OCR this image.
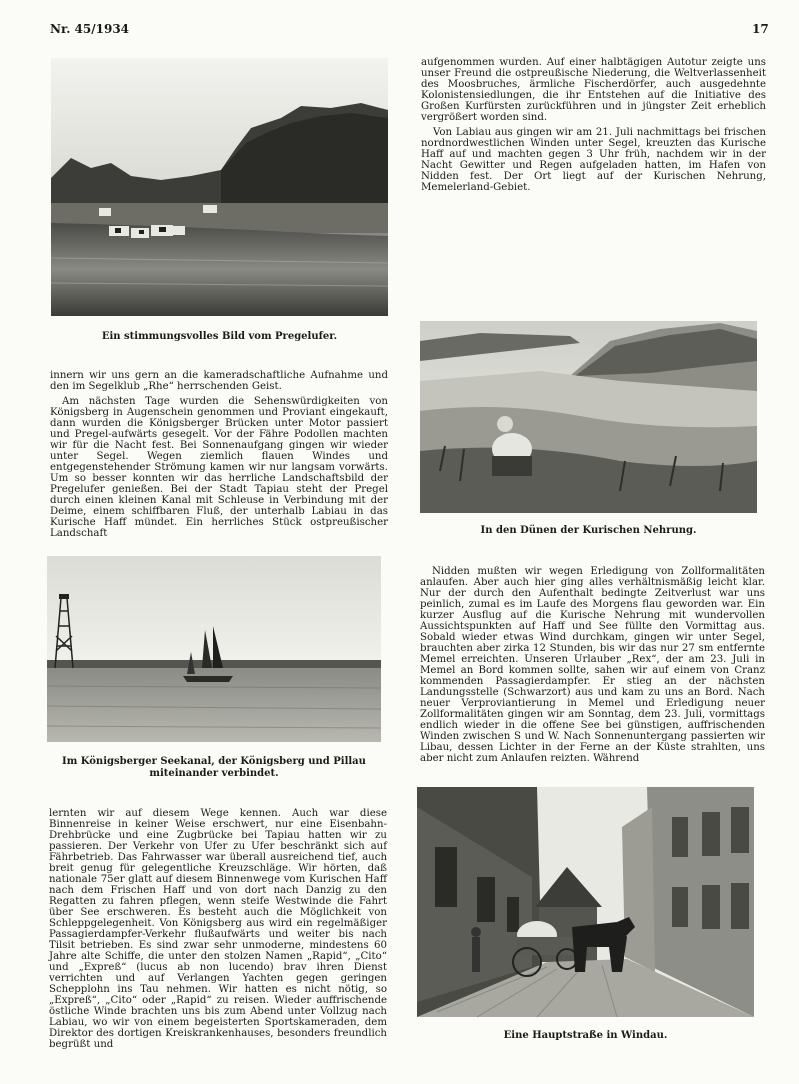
Nr. 45/1934	17
Ein stimmungsvolles Bild vom Pregelufer.

aufgenommen wurden. Auf einer halbtägigen Autotur zeigte uns unser Freund die ostpreußische Niederung, die Weltverlassenheit des Moosbruches, ärmliche Fischerdörfer, auch ausgedehnte Kolonistensiedlungen, die ihr Entstehen auf die Initiative des Großen Kurfürsten zurückführen und in jüngster Zeit erheblich vergrößert worden sind.

Von Labiau aus gingen wir am 21. Juli nachmittags bei frischen nordnordwestlichen Winden unter Segel, kreuzten das Kurische Haff auf und machten gegen 3 Uhr früh, nachdem wir in der Nacht Gewitter und Regen aufgeladen hatten, im Hafen von Nidden fest. Der Ort liegt auf der Kurischen Nehrung, Memelerland-Gebiet.

In den Dünen der Kurischen Nehrung.

innern wir uns gern an die kameradschaftliche Aufnahme und den im Segelklub „Rhe“ herrschenden Geist.

Am nächsten Tage wurden die Sehenswürdigkeiten von Königsberg in Augenschein genommen und Proviant eingekauft, dann wurden die Königsberger Brücken unter Motor passiert und Pregel-aufwärts gesegelt. Vor der Fähre Podollen machten wir für die Nacht fest. Bei Sonnenaufgang gingen wir wieder unter Segel. Wegen ziemlich flauen Windes und entgegenstehender Strömung kamen wir nur langsam vorwärts. Um so besser konnten wir das herrliche Landschaftsbild der Pregelufer genießen. Bei der Stadt Tapiau steht der Pregel durch einen kleinen Kanal mit Schleuse in Verbindung mit der Deime, einem schiffbaren Fluß, der unterhalb Labiau in das Kurische Haff mündet. Ein herrliches Stück ostpreußischer Landschaft

Im Königsberger Seekanal, der Königsberg und Pillau miteinander verbindet.

Nidden mußten wir wegen Erledigung von Zollformalitäten anlaufen. Aber auch hier ging alles verhältnismäßig leicht klar. Nur der durch den Aufenthalt bedingte Zeitverlust war uns peinlich, zumal es im Laufe des Morgens flau geworden war. Ein kurzer Ausflug auf die Kurische Nehrung mit wundervollen Aussichtspunkten auf Haff und See füllte den Vormittag aus. Sobald wieder etwas Wind durchkam, gingen wir unter Segel, brauchten aber zirka 12 Stunden, bis wir das nur 27 sm entfernte Memel erreichten. Unseren Urlauber „Rex“, der am 23. Juli in Memel an Bord kommen sollte, sahen wir auf einem von Cranz kommenden Passagierdampfer. Er stieg an der nächsten Landungsstelle (Schwarzort) aus und kam zu uns an Bord. Nach neuer Verproviantierung in Memel und Erledigung neuer Zollformalitäten gingen wir am Sonntag, dem 23. Juli, vormittags endlich wieder in die offene See bei günstigen, auffrischenden Winden zwischen S und W. Nach Sonnenuntergang passierten wir Libau, dessen Lichter in der Ferne an der Küste strahlten, uns aber nicht zum Anlaufen reizten. Während

lernten wir auf diesem Wege kennen. Auch war diese Binnenreise in keiner Weise erschwert, nur eine Eisenbahn-Drehbrücke und eine Zugbrücke bei Tapiau hatten wir zu passieren. Der Verkehr von Ufer zu Ufer beschränkt sich auf Fährbetrieb. Das Fahrwasser war überall ausreichend tief, auch breit genug für gelegentliche Kreuzschläge. Wir hörten, daß nationale 75er glatt auf diesem Binnenwege vom Kurischen Haff nach dem Frischen Haff und von dort nach Danzig zu den Regatten zu fahren pflegen, wenn steife Westwinde die Fahrt über See erschweren. Es besteht auch die Möglichkeit von Schleppgelegenheit. Von Königsberg aus wird ein regelmäßiger Passagierdampfer-Verkehr flußaufwärts und weiter bis nach Tilsit betrieben. Es sind zwar sehr unmoderne, mindestens 60 Jahre alte Schiffe, die unter den stolzen Namen „Rapid“, „Cito“ und „Expreß“ (lucus ab non lucendo) brav ihren Dienst verrichten und auf Verlangen Yachten gegen geringen Schepplohn ins Tau nehmen. Wir hatten es nicht nötig, so „Expreß“, „Cito“ oder „Rapid“ zu reisen. Wieder auffrischende östliche Winde brachten uns bis zum Abend unter Vollzug nach Labiau, wo wir von einem begeisterten Sportskameraden, dem Direktor des dortigen Kreiskrankenhauses, besonders freundlich begrüßt und

Eine Hauptstraße in Windau.
